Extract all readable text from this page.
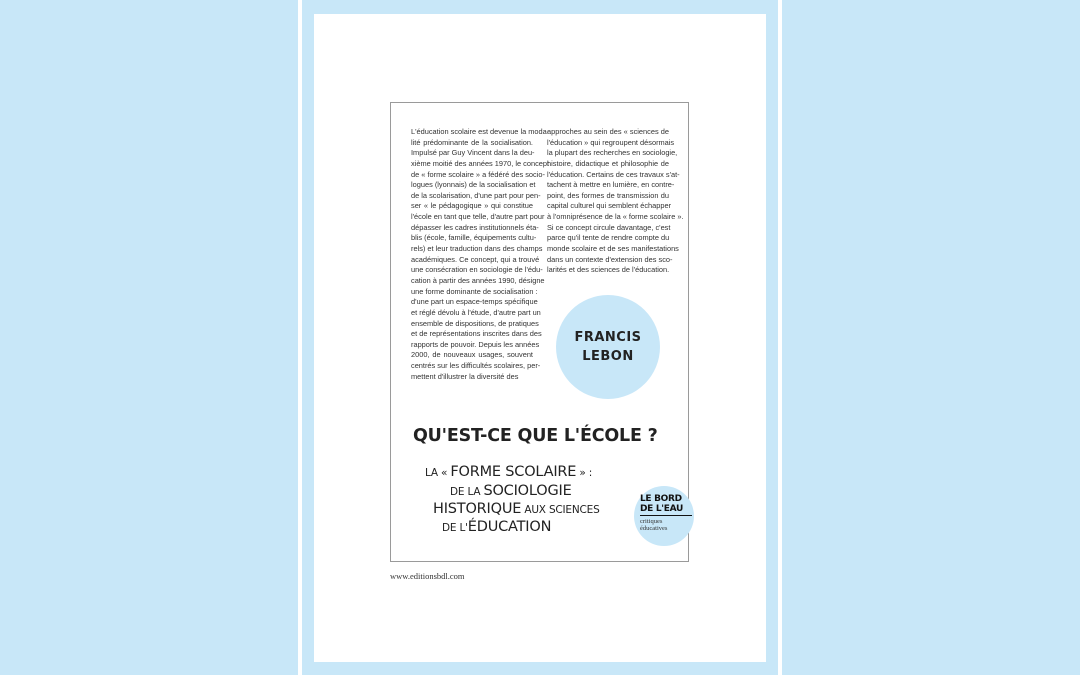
L'éducation scolaire est devenue la moda-
lité prédominante de la socialisation.
Impulsé par Guy Vincent dans la deu-
xième moitié des années 1970, le concept
de « forme scolaire » a fédéré des socio-
logues (lyonnais) de la socialisation et
de la scolarisation, d'une part pour pen-
ser « le pédagogique » qui constitue
l'école en tant que telle, d'autre part pour
dépasser les cadres institutionnels éta-
blis (école, famille, équipements cultu-
rels) et leur traduction dans des champs
académiques. Ce concept, qui a trouvé
une consécration en sociologie de l'édu-
cation à partir des années 1990, désigne
une forme dominante de socialisation :
d'une part un espace-temps spécifique
et réglé dévolu à l'étude, d'autre part un
ensemble de dispositions, de pratiques
et de représentations inscrites dans des
rapports de pouvoir. Depuis les années
2000, de nouveaux usages, souvent
centrés sur les difficultés scolaires, per-
mettent d'illustrer la diversité des
approches au sein des « sciences de
l'éducation » qui regroupent désormais
la plupart des recherches en sociologie,
histoire, didactique et philosophie de
l'éducation. Certains de ces travaux s'at-
tachent à mettre en lumière, en contre-
point, des formes de transmission du
capital culturel qui semblent échapper
à l'omniprésence de la « forme scolaire ».
Si ce concept circule davantage, c'est
parce qu'il tente de rendre compte du
monde scolaire et de ses manifestations
dans un contexte d'extension des sco-
larités et des sciences de l'éducation.
FRANCIS
LEBON
QU'EST-CE QUE L'ÉCOLE ?
LA « FORME SCOLAIRE » :
DE LA SOCIOLOGIE
HISTORIQUE AUX SCIENCES
DE L'ÉDUCATION
LE BORD
DE L'EAU
critiques
éducatives
www.editionsbdl.com
